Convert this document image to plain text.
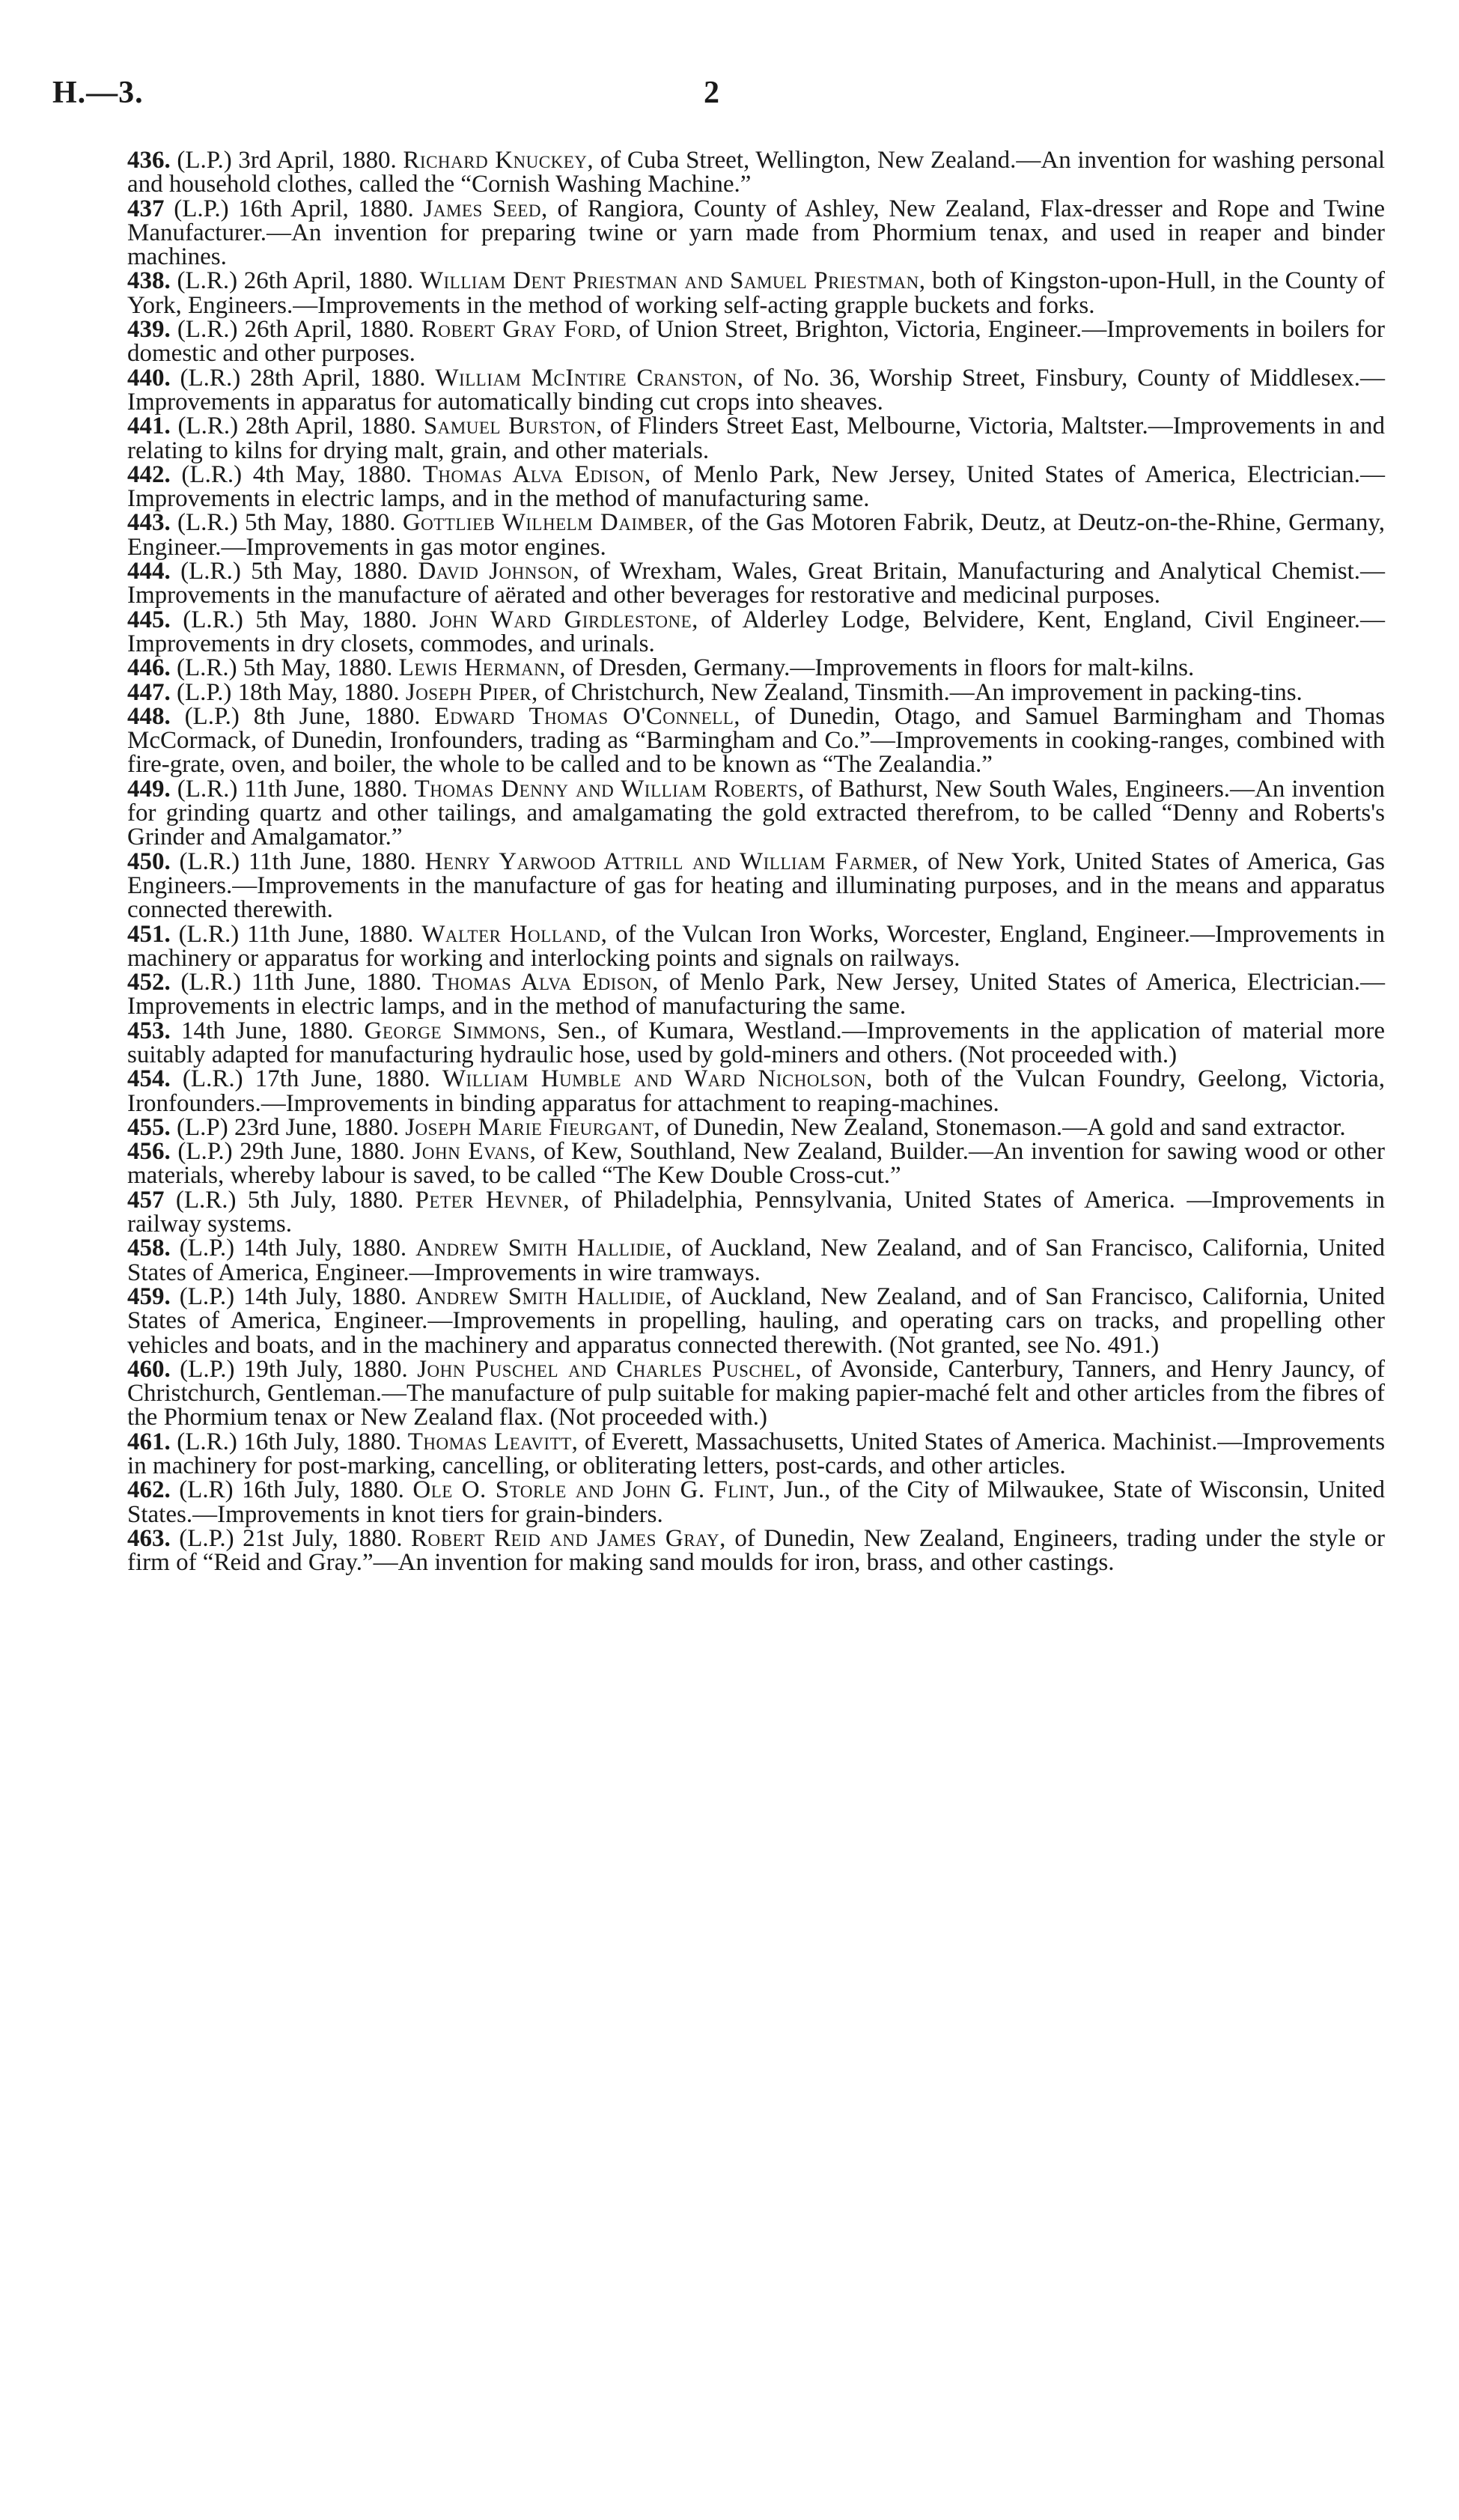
H.—3.	2

436. (L.P.) 3rd April, 1880. Richard Knuckey, of Cuba Street, Wellington, New Zealand.—An invention for washing personal and household clothes, called the “Cornish Washing Machine.”

437 (L.P.) 16th April, 1880. James Seed, of Rangiora, County of Ashley, New Zealand, Flax-dresser and Rope and Twine Manufacturer.—An invention for preparing twine or yarn made from Phormium tenax, and used in reaper and binder machines.

438. (L.R.) 26th April, 1880. William Dent Priestman and Samuel Priestman, both of Kingston-upon-Hull, in the County of York, Engineers.—Improvements in the method of working self-acting grapple buckets and forks.

439. (L.R.) 26th April, 1880. Robert Gray Ford, of Union Street, Brighton, Victoria, Engineer.—Improvements in boilers for domestic and other purposes.

440. (L.R.) 28th April, 1880. William McIntire Cranston, of No. 36, Worship Street, Finsbury, County of Middlesex.—Improvements in apparatus for automatically binding cut crops into sheaves.

441. (L.R.) 28th April, 1880. Samuel Burston, of Flinders Street East, Melbourne, Victoria, Maltster.—Improvements in and relating to kilns for drying malt, grain, and other materials.

442. (L.R.) 4th May, 1880. Thomas Alva Edison, of Menlo Park, New Jersey, United States of America, Electrician.—Improvements in electric lamps, and in the method of manufacturing same.

443. (L.R.) 5th May, 1880. Gottlieb Wilhelm Daimber, of the Gas Motoren Fabrik, Deutz, at Deutz-on-the-Rhine, Germany, Engineer.—Improvements in gas motor engines.

444. (L.R.) 5th May, 1880. David Johnson, of Wrexham, Wales, Great Britain, Manufacturing and Analytical Chemist.—Improvements in the manufacture of aërated and other beverages for restorative and medicinal purposes.

445. (L.R.) 5th May, 1880. John Ward Girdlestone, of Alderley Lodge, Belvidere, Kent, England, Civil Engineer.—Improvements in dry closets, commodes, and urinals.

446. (L.R.) 5th May, 1880. Lewis Hermann, of Dresden, Germany.—Improvements in floors for malt-kilns.

447. (L.P.) 18th May, 1880. Joseph Piper, of Christchurch, New Zealand, Tinsmith.—An improvement in packing-tins.

448. (L.P.) 8th June, 1880. Edward Thomas O'Connell, of Dunedin, Otago, and Samuel Barmingham and Thomas McCormack, of Dunedin, Ironfounders, trading as “Barmingham and Co.”—Improvements in cooking-ranges, combined with fire-grate, oven, and boiler, the whole to be called and to be known as “The Zealandia.”

449. (L.R.) 11th June, 1880. Thomas Denny and William Roberts, of Bathurst, New South Wales, Engineers.—An invention for grinding quartz and other tailings, and amalgamating the gold extracted therefrom, to be called “Denny and Roberts's Grinder and Amalgamator.”

450. (L.R.) 11th June, 1880. Henry Yarwood Attrill and William Farmer, of New York, United States of America, Gas Engineers.—Improvements in the manufacture of gas for heating and illuminating purposes, and in the means and apparatus connected therewith.

451. (L.R.) 11th June, 1880. Walter Holland, of the Vulcan Iron Works, Worcester, England, Engineer.—Improvements in machinery or apparatus for working and interlocking points and signals on railways.

452. (L.R.) 11th June, 1880. Thomas Alva Edison, of Menlo Park, New Jersey, United States of America, Electrician.—Improvements in electric lamps, and in the method of manufacturing the same.

453. 14th June, 1880. George Simmons, Sen., of Kumara, Westland.—Improvements in the application of material more suitably adapted for manufacturing hydraulic hose, used by gold-miners and others. (Not proceeded with.)

454. (L.R.) 17th June, 1880. William Humble and Ward Nicholson, both of the Vulcan Foundry, Geelong, Victoria, Ironfounders.—Improvements in binding apparatus for attachment to reaping-machines.

455. (L.P) 23rd June, 1880. Joseph Marie Fieurgant, of Dunedin, New Zealand, Stonemason.—A gold and sand extractor.

456. (L.P.) 29th June, 1880. John Evans, of Kew, Southland, New Zealand, Builder.—An invention for sawing wood or other materials, whereby labour is saved, to be called “The Kew Double Cross-cut.”

457 (L.R.) 5th July, 1880. Peter Hevner, of Philadelphia, Pennsylvania, United States of America. —Improvements in railway systems.

458. (L.P.) 14th July, 1880. Andrew Smith Hallidie, of Auckland, New Zealand, and of San Francisco, California, United States of America, Engineer.—Improvements in wire tramways.

459. (L.P.) 14th July, 1880. Andrew Smith Hallidie, of Auckland, New Zealand, and of San Francisco, California, United States of America, Engineer.—Improvements in propelling, hauling, and operating cars on tracks, and propelling other vehicles and boats, and in the machinery and apparatus connected therewith. (Not granted, see No. 491.)

460. (L.P.) 19th July, 1880. John Puschel and Charles Puschel, of Avonside, Canterbury, Tanners, and Henry Jauncy, of Christchurch, Gentleman.—The manufacture of pulp suitable for making papier-maché felt and other articles from the fibres of the Phormium tenax or New Zealand flax. (Not proceeded with.)

461. (L.R.) 16th July, 1880. Thomas Leavitt, of Everett, Massachusetts, United States of America. Machinist.—Improvements in machinery for post-marking, cancelling, or obliterating letters, post-cards, and other articles.

462. (L.R) 16th July, 1880. Ole O. Storle and John G. Flint, Jun., of the City of Milwaukee, State of Wisconsin, United States.—Improvements in knot tiers for grain-binders.

463. (L.P.) 21st July, 1880. Robert Reid and James Gray, of Dunedin, New Zealand, Engineers, trading under the style or firm of “Reid and Gray.”—An invention for making sand moulds for iron, brass, and other castings.
